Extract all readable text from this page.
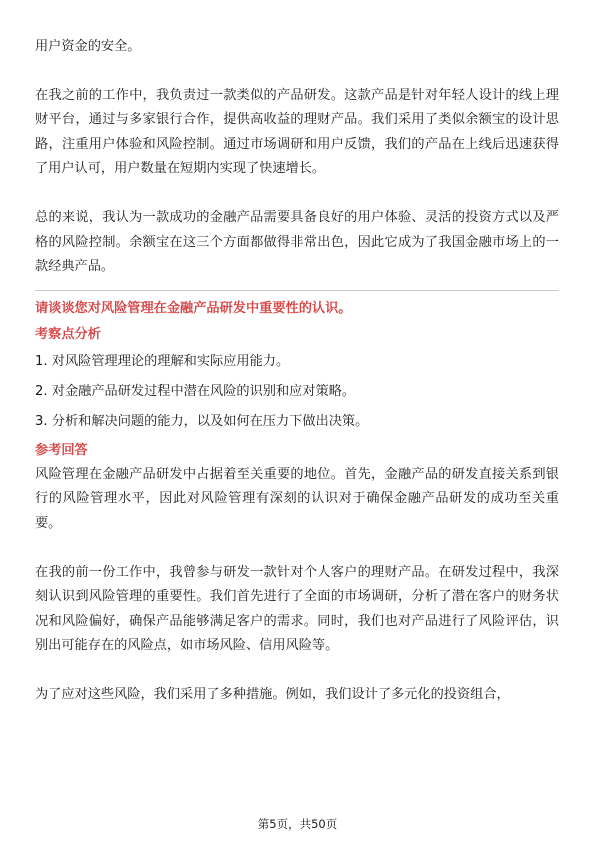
用户资金的安全。

在我之前的工作中，我负责过一款类似的产品研发。这款产品是针对年轻人设计的线上理财平台，通过与多家银行合作，提供高收益的理财产品。我们采用了类似余额宝的设计思路，注重用户体验和风险控制。通过市场调研和用户反馈，我们的产品在上线后迅速获得了用户认可，用户数量在短期内实现了快速增长。

总的来说，我认为一款成功的金融产品需要具备良好的用户体验、灵活的投资方式以及严格的风险控制。余额宝在这三个方面都做得非常出色，因此它成为了我国金融市场上的一款经典产品。

请谈谈您对风险管理在金融产品研发中重要性的认识。

考察点分析

1. 对风险管理理论的理解和实际应用能力。

2. 对金融产品研发过程中潜在风险的识别和应对策略。

3. 分析和解决问题的能力，以及如何在压力下做出决策。

参考回答

风险管理在金融产品研发中占据着至关重要的地位。首先，金融产品的研发直接关系到银行的风险管理水平，因此对风险管理有深刻的认识对于确保金融产品研发的成功至关重要。

在我的前一份工作中，我曾参与研发一款针对个人客户的理财产品。在研发过程中，我深刻认识到风险管理的重要性。我们首先进行了全面的市场调研，分析了潜在客户的财务状况和风险偏好，确保产品能够满足客户的需求。同时，我们也对产品进行了风险评估，识别出可能存在的风险点，如市场风险、信用风险等。

为了应对这些风险，我们采用了多种措施。例如，我们设计了多元化的投资组合，

第5页，共50页
